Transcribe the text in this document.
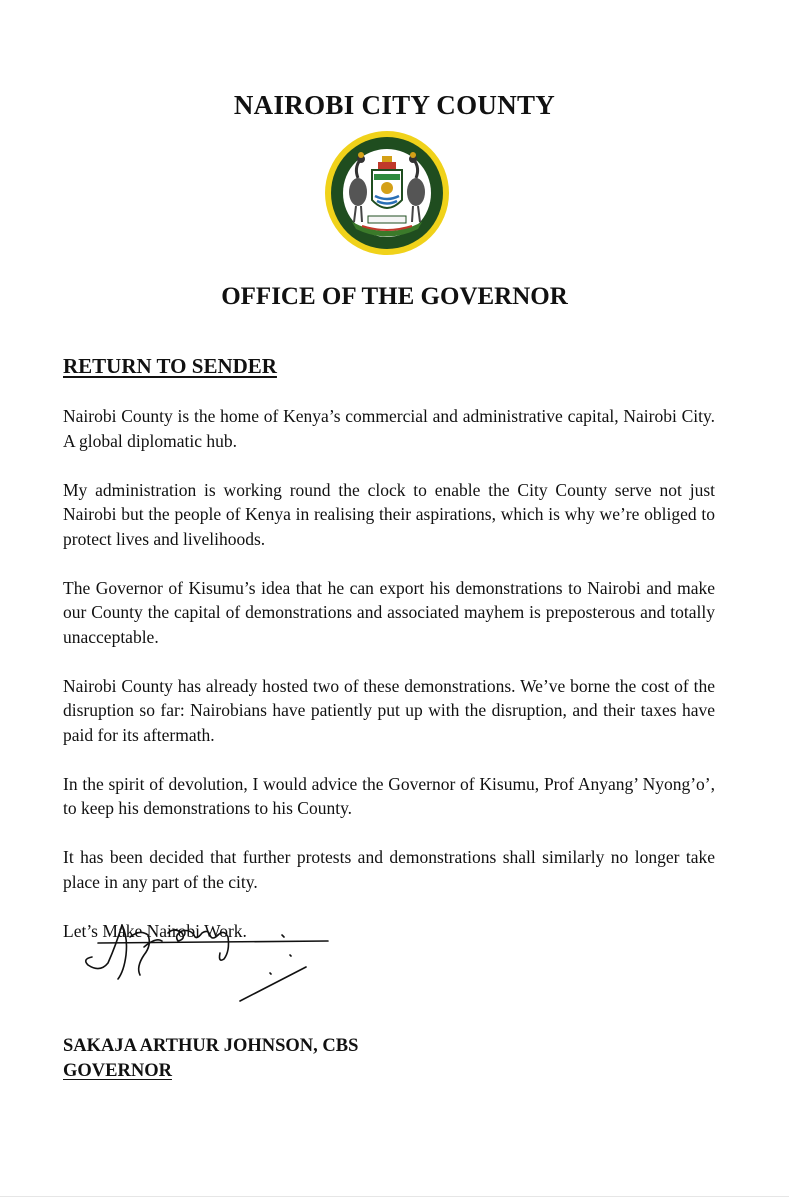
NAIROBI CITY COUNTY
OFFICE OF THE GOVERNOR
RETURN TO SENDER

Nairobi County is the home of Kenya’s commercial and administrative capital, Nairobi City. A global diplomatic hub.

My administration is working round the clock to enable the City County serve not just Nairobi but the people of Kenya in realising their aspirations, which is why we’re obliged to protect lives and livelihoods.

The Governor of Kisumu’s idea that he can export his demonstrations to Nairobi and make our County the capital of demonstrations and associated mayhem is preposterous and totally unacceptable.

Nairobi County has already hosted two of these demonstrations. We’ve borne the cost of the disruption so far: Nairobians have patiently put up with the disruption, and their taxes have paid for its aftermath.

In the spirit of devolution, I would advice the Governor of Kisumu, Prof Anyang’ Nyong’o’, to keep his demonstrations to his County.

It has been decided that further protests and demonstrations shall similarly no longer take place in any part of the city.

Let’s Make Nairobi Work.

SAKAJA ARTHUR JOHNSON, CBS
GOVERNOR
